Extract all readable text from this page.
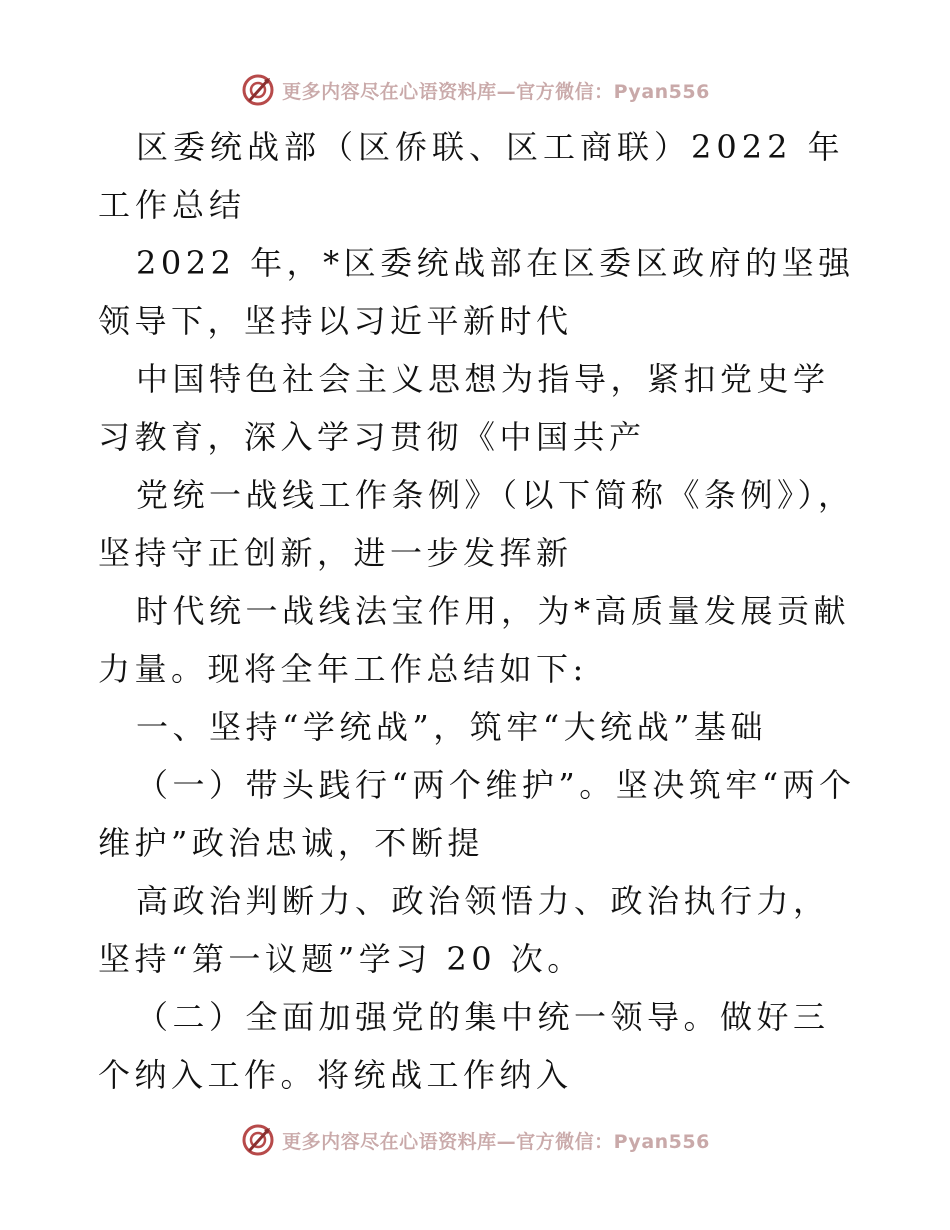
更多内容尽在心语资料库—官方微信：Pyan556

区委统战部（区侨联、区工商联）2022 年工作总结

2022 年，*区委统战部在区委区政府的坚强领导下，坚持以习近平新时代

中国特色社会主义思想为指导，紧扣党史学习教育，深入学习贯彻《中国共产

党统一战线工作条例》（以下简称《条例》），坚持守正创新，进一步发挥新

时代统一战线法宝作用，为*高质量发展贡献力量。现将全年工作总结如下:

一、坚持“学统战”，筑牢“大统战”基础

（一）带头践行“两个维护”。坚决筑牢“两个维护”政治忠诚，不断提

高政治判断力、政治领悟力、政治执行力，坚持“第一议题”学习 20 次。

（二）全面加强党的集中统一领导。做好三个纳入工作。将统战工作纳入

更多内容尽在心语资料库—官方微信：Pyan556
